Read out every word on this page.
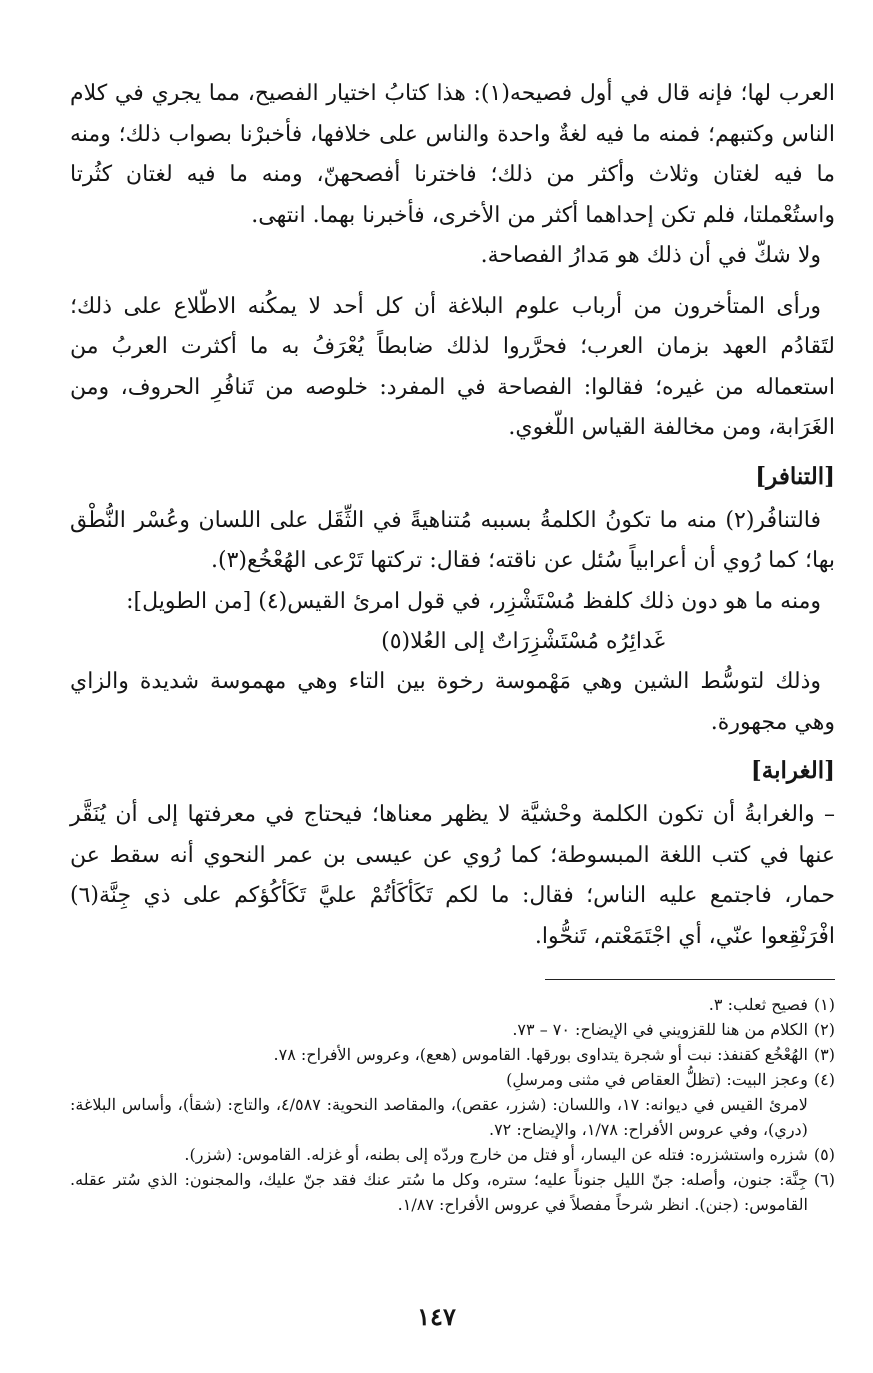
العرب لها؛ فإنه قال في أول فصيحه(١): هذا كتابُ اختيار الفصيح، مما يجري في كلام الناس وكتبهم؛ فمنه ما فيه لغةٌ واحدة والناس على خلافها، فأخبرْنا بصواب ذلك؛ ومنه ما فيه لغتان وثلاث وأكثر من ذلك؛ فاخترنا أفصحهنّ، ومنه ما فيه لغتان كثُرتا واستُعْملتا، فلم تكن إحداهما أكثر من الأخرى، فأخبرنا بهما. انتهى.

ولا شكّ في أن ذلك هو مَدارُ الفصاحة.

ورأى المتأخرون من أرباب علوم البلاغة أن كل أحد لا يمكُنه الاطّلاع على ذلك؛ لتَقادُم العهد بزمان العرب؛ فحرَّروا لذلك ضابطاً يُعْرَفُ به ما أكثرت العربُ من استعماله من غيره؛ فقالوا: الفصاحة في المفرد: خلوصه من تَنافُرِ الحروف، ومن الغَرَابة، ومن مخالفة القياس اللّغوي.

[التنافر]

فالتنافُر(٢) منه ما تكونُ الكلمةُ بسببه مُتناهيةً في الثِّقَل على اللسان وعُسْر النُّطْق بها؛ كما رُوي أن أعرابياً سُئل عن ناقته؛ فقال: تركتها تَرْعى الهُعْخُع(٣).

ومنه ما هو دون ذلك كلفظ مُسْتَشْزِر، في قول امرئ القيس(٤) [من الطويل]:

غَدائِرُه مُسْتَشْزِرَاتٌ إلى العُلا(٥)

وذلك لتوسُّط الشين وهي مَهْموسة رخوة بين التاء وهي مهموسة شديدة والزاي وهي مجهورة.

[الغرابة]

– والغرابةُ أن تكون الكلمة وحْشيَّة لا يظهر معناها؛ فيحتاج في معرفتها إلى أن يُنَقَّر عنها في كتب اللغة المبسوطة؛ كما رُوي عن عيسى بن عمر النحوي أنه سقط عن حمار، فاجتمع عليه الناس؛ فقال: ما لكم تَكَأكَأتُمْ عليَّ تَكَأكُؤكم على ذي جِنَّة(٦) افْرَنْقِعوا عنّي، أي اجْتَمَعْتم، تَنحُّوا.

(١)
فصيح ثعلب: ٣.
(٢)
الكلام من هنا للقزويني في الإيضاح: ٧٠ – ٧٣.
(٣)
الهُعْخُع كقنفذ: نبت أو شجرة يتداوى بورقها. القاموس (هعع)، وعروس الأفراح: ٧٨.
(٤)
وعجز البيت: (تظلُّ العقاص في مثنى ومرسلِ)
لامرئ القيس في ديوانه: ١٧، واللسان: (شزر، عقص)، والمقاصد النحوية: ٤/٥٨٧، والتاج: (شقأ)، وأساس البلاغة: (دري)، وفي عروس الأفراح: ١/٧٨، والإيضاح: ٧٢.
(٥)
شزره واستشزره: فتله عن اليسار، أو فتل من خارج وردّه إلى بطنه، أو غزله. القاموس: (شزر).
(٦)
جِنَّة: جنون، وأصله: جنّ الليل جنوناً عليه؛ ستره، وكل ما سُتر عنك فقد جنّ عليك، والمجنون: الذي سُتر عقله. القاموس: (جنن). انظر شرحاً مفصلاً في عروس الأفراح: ١/٨٧.
١٤٧
